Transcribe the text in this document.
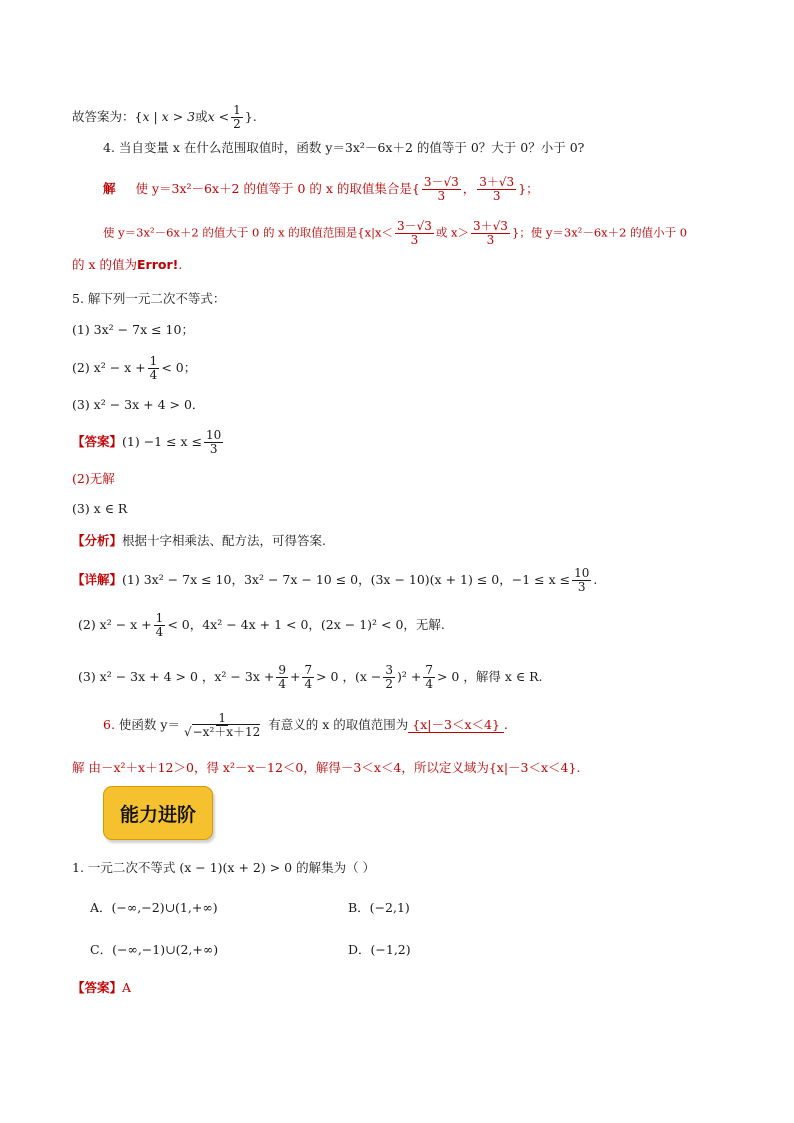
故答案为：{x | x > 3或$x < \frac{1}{2}$ }.
4. 当自变量 x 在什么范围取值时，函数 y＝3x²－6x＋2 的值等于 0？大于 0？小于 0?
解 使 y＝3x²－6x＋2 的值等于 0 的 x 的取值集合是{ $\frac{3-√3}{3}$ ， $\frac{3+√3}{3}$ }；
使 y＝3x²－6x＋2 的值大于 0 的 x 的取值范围是{$x|x< \frac{3-√3}{3}$ 或 $x> \frac{3+√3}{3}$ }；使 y＝3x²－6x＋2 的值小于 0
的 x 的值为Error!.
5. 解下列一元二次不等式：
(1) 3x² − 7x ≤ 10；
(2) $x^2 - x + \frac{1}{4} < 0$；
(3) x² − 3x + 4 > 0．
【答案】$(1) -1 \le x \le \frac{10}{3}$
(2)无解
(3) x ∈ R
【分析】根据十字相乘法、配方法，可得答案.
【详解】(1) 3x² − 7x ≤ 10，3x² − 7x − 10 ≤ 0，(3x − 10)(x + 1) ≤ 0，$-1 \le x \le \frac{10}{3}$ .
(2) $x^2 - x + \frac{1}{4} < 0$，4x² − 4x + 1 < 0，(2x − 1)² < 0，无解.
(3) x² − 3x + 4 > 0 ，$x^2 - 3x + \frac{9}{4} + \frac{7}{4} > 0$ ，$(x - \frac{3}{2} )^2 + \frac{7}{4} > 0$ ，解得 x ∈ R.
6. 使函数 $y= \frac{1}{\text{√−x²＋x＋12}}$ 有意义的 x 的取值范围为 {x|－3＜x＜4} .
解 由－x²＋x＋12＞0，得 x²－x－12＜0，解得－3＜x＜4，所以定义域为{x|－3＜x＜4}.
能力进阶
1. 一元二次不等式 (x − 1)(x + 2) > 0 的解集为（ ）
A．(−∞,−2)∪(1,+∞)	B．(−2,1)
C．(−∞,−1)∪(2,+∞)	D．(−1,2)
【答案】A
